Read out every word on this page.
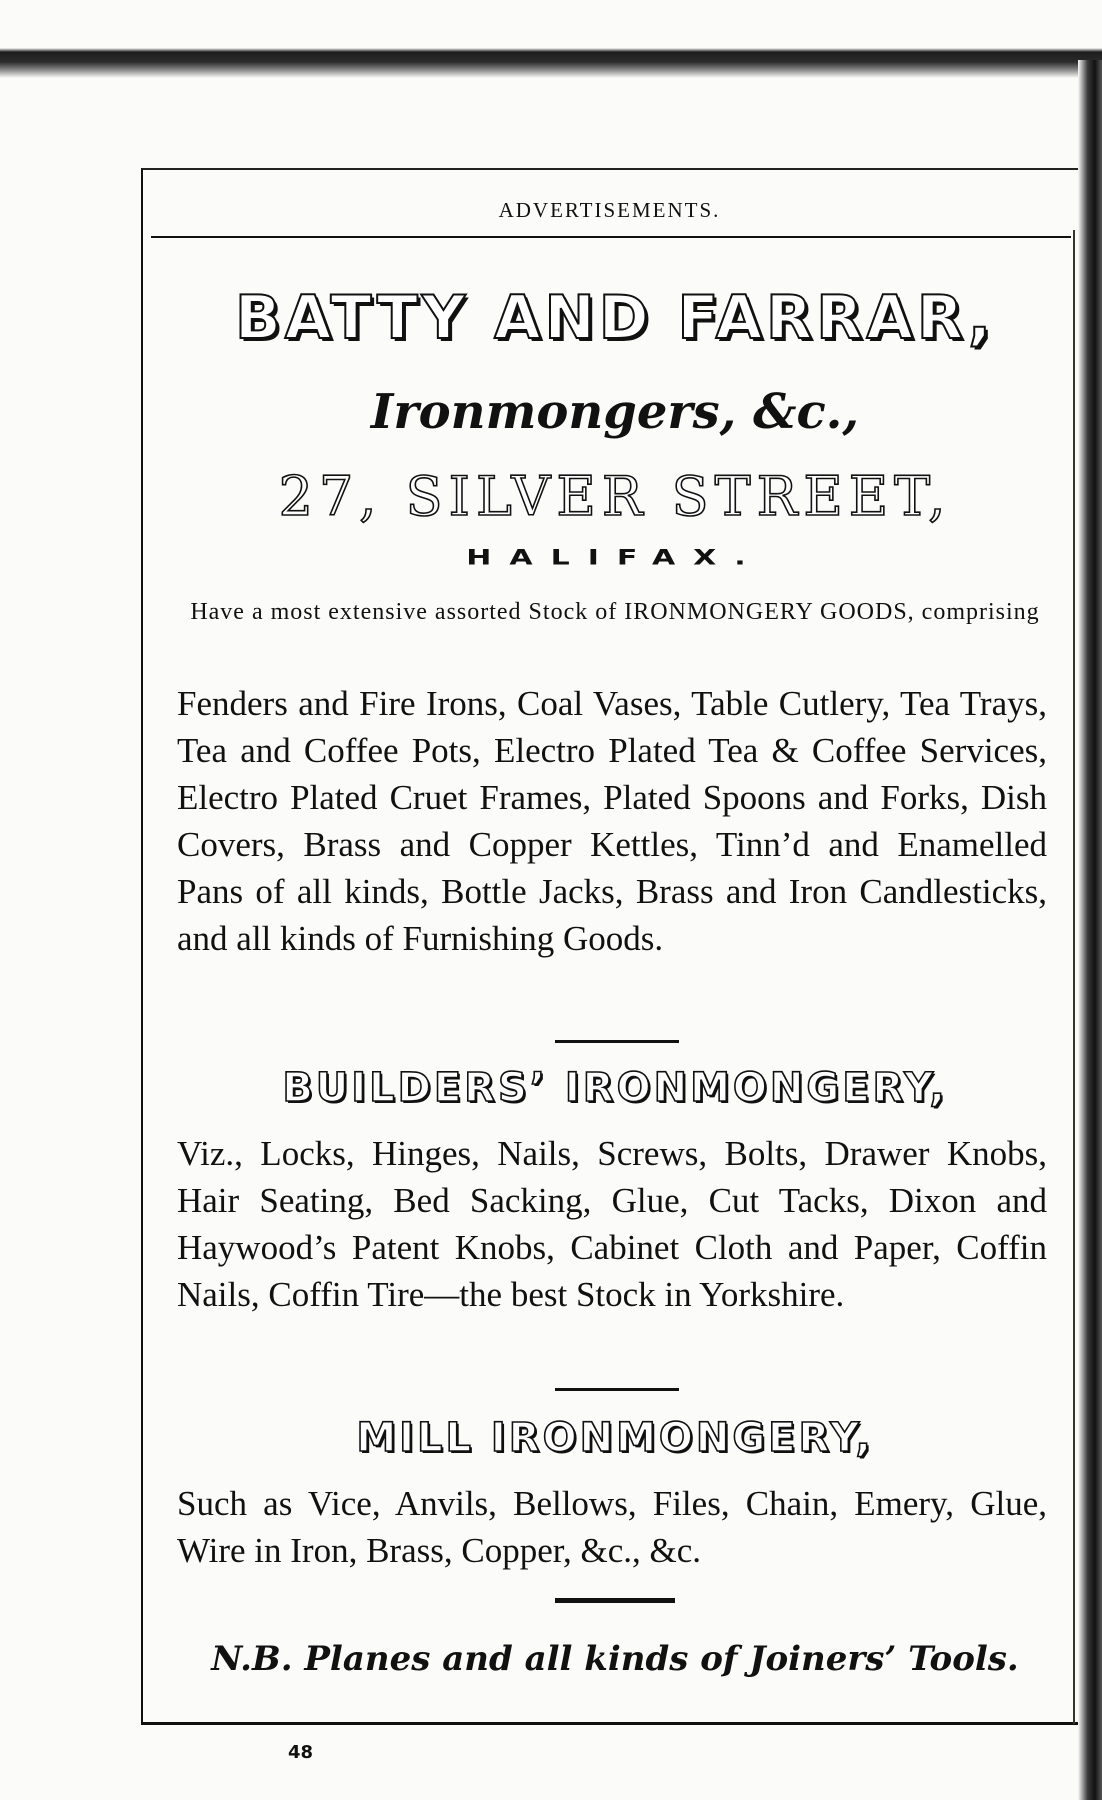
ADVERTISEMENTS.
BATTY AND FARRAR,
Ironmongers, &c.,
27, SILVER STREET,
HALIFAX.
Have a most extensive assorted Stock of IRONMONGERY GOODS, comprising
Fenders and Fire Irons, Coal Vases, Table Cutlery, Tea Trays, Tea and Coffee Pots, Electro Plated Tea & Coffee Services, Electro Plated Cruet Frames, Plated Spoons and Forks, Dish Covers, Brass and Copper Kettles, Tinn’d and Enamelled Pans of all kinds, Bottle Jacks, Brass and Iron Candlesticks, and all kinds of Furnishing Goods.
BUILDERS’ IRONMONGERY,
Viz., Locks, Hinges, Nails, Screws, Bolts, Drawer Knobs, Hair Seating, Bed Sacking, Glue, Cut Tacks, Dixon and Haywood’s Patent Knobs, Cabinet Cloth and Paper, Coffin Nails, Coffin Tire—the best Stock in Yorkshire.
MILL IRONMONGERY,
Such as Vice, Anvils, Bellows, Files, Chain, Emery, Glue, Wire in Iron, Brass, Copper, &c., &c.
N.B. Planes and all kinds of Joiners’ Tools.
48
